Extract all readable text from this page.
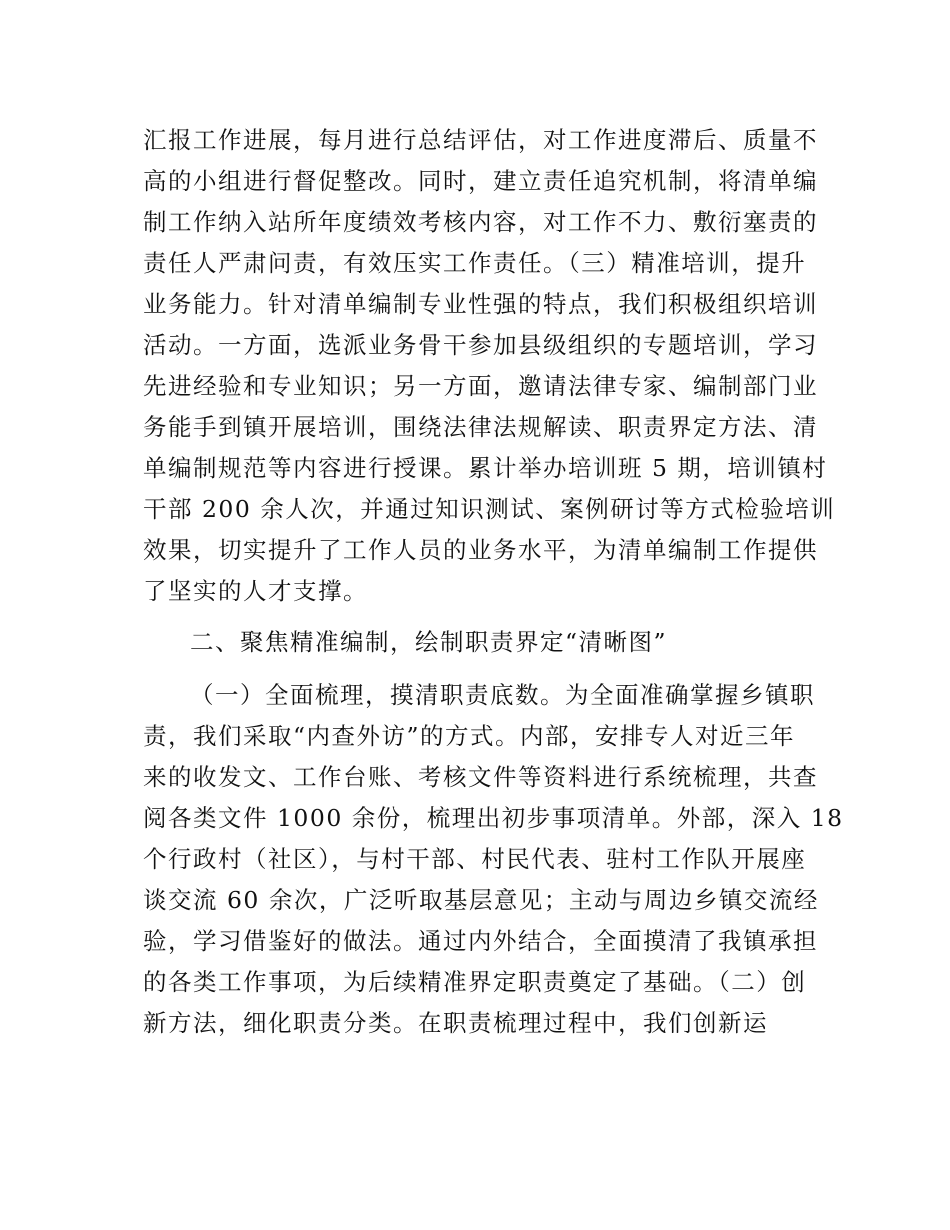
汇报工作进展，每月进行总结评估，对工作进度滞后、质量不
高的小组进行督促整改。同时，建立责任追究机制，将清单编
制工作纳入站所年度绩效考核内容，对工作不力、敷衍塞责的
责任人严肃问责，有效压实工作责任。（三）精准培训，提升
业务能力。针对清单编制专业性强的特点，我们积极组织培训
活动。一方面，选派业务骨干参加县级组织的专题培训，学习
先进经验和专业知识；另一方面，邀请法律专家、编制部门业
务能手到镇开展培训，围绕法律法规解读、职责界定方法、清
单编制规范等内容进行授课。累计举办培训班 5 期，培训镇村
干部 200 余人次，并通过知识测试、案例研讨等方式检验培训
效果，切实提升了工作人员的业务水平，为清单编制工作提供
了坚实的人才支撑。
二、聚焦精准编制，绘制职责界定“清晰图”
（一）全面梳理，摸清职责底数。为全面准确掌握乡镇职
责，我们采取“内查外访”的方式。内部，安排专人对近三年
来的收发文、工作台账、考核文件等资料进行系统梳理，共查
阅各类文件 1000 余份，梳理出初步事项清单。外部，深入 18
个行政村（社区），与村干部、村民代表、驻村工作队开展座
谈交流 60 余次，广泛听取基层意见；主动与周边乡镇交流经
验，学习借鉴好的做法。通过内外结合，全面摸清了我镇承担
的各类工作事项，为后续精准界定职责奠定了基础。（二）创
新方法，细化职责分类。在职责梳理过程中，我们创新运
